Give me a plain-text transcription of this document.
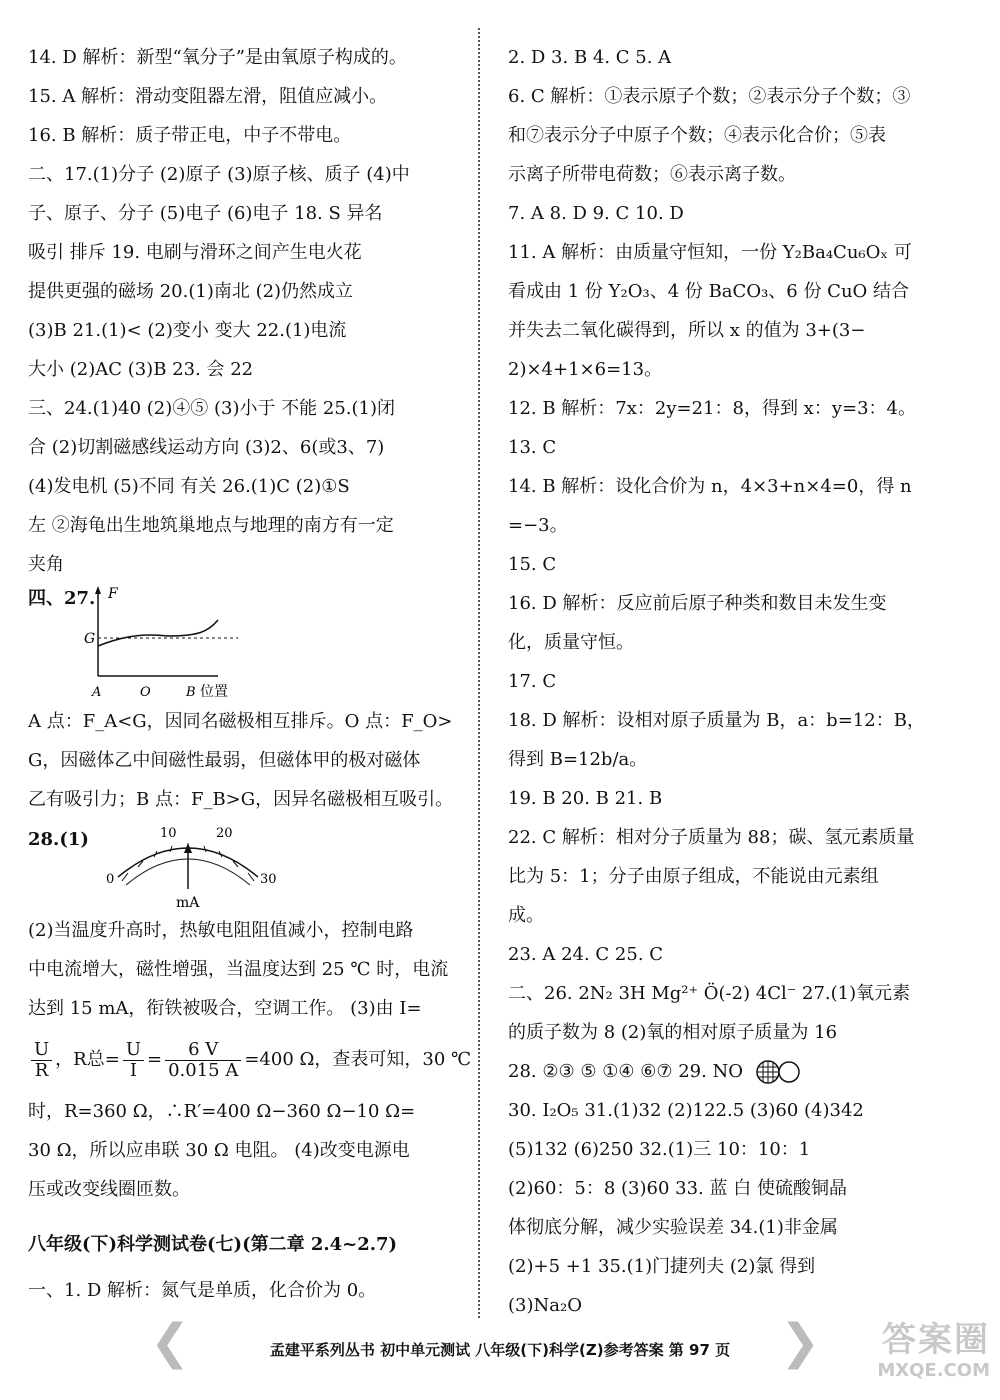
14. D 解析：新型“氧分子”是由氧原子构成的。
15. A 解析：滑动变阻器左滑，阻值应减小。
16. B 解析：质子带正电，中子不带电。
二、17.(1)分子 (2)原子 (3)原子核、质子 (4)中
子、原子、分子 (5)电子 (6)电子 18. S 异名
吸引 排斥 19. 电刷与滑环之间产生电火花
提供更强的磁场 20.(1)南北 (2)仍然成立
(3)B 21.(1)< (2)变小 变大 22.(1)电流
大小 (2)AC (3)B 23. 会 22
三、24.(1)40 (2)④⑤ (3)小于 不能 25.(1)闭
合 (2)切割磁感线运动方向 (3)2、6(或3、7)
(4)发电机 (5)不同 有关 26.(1)C (2)①S
左 ②海龟出生地筑巢地点与地理的南方有一定
夹角
四、27. F
G
A	O	B 位置
A 点：F_A<G，因同名磁极相互排斥。O 点：F_O>
G，因磁体乙中间磁性最弱，但磁体甲的极对磁体
乙有吸引力；B 点：F_B>G，因异名磁极相互吸引。
28.(1)
0
10	20
30
mA
(2)当温度升高时，热敏电阻阻值减小，控制电路
中电流增大，磁性增强，当温度达到 25 ℃ 时，电流
达到 15 mA，衔铁被吸合，空调工作。 (3)由 I=
$\frac{U}{R}$ ，R总= $\frac{U}{I} = \frac{6 V}{0.015 A} =400$ Ω，查表可知，30 ℃
时，R=360 Ω，∴R′=400 Ω−360 Ω−10 Ω=
30 Ω，所以应串联 30 Ω 电阻。 (4)改变电源电
压或改变线圈匝数。
八年级(下)科学测试卷(七)(第二章 2.4~2.7)
一、1. D 解析：氮气是单质，化合价为 0。
2. D 3. B 4. C 5. A
6. C 解析：①表示原子个数；②表示分子个数；③
和⑦表示分子中原子个数；④表示化合价；⑤表
示离子所带电荷数；⑥表示离子数。
7. A 8. D 9. C 10. D
11. A 解析：由质量守恒知，一份 Y₂Ba₄Cu₆Oₓ 可
看成由 1 份 Y₂O₃、4 份 BaCO₃、6 份 CuO 结合
并失去二氧化碳得到，所以 x 的值为 3+(3−
2)×4+1×6=13。
12. B 解析：7x：2y=21：8，得到 x：y=3：4。
13. C
14. B 解析：设化合价为 n，4×3+n×4=0，得 n
=−3。
15. C
16. D 解析：反应前后原子种类和数目未发生变
化，质量守恒。
17. C
18. D 解析：设相对原子质量为 B，a：b=12：B，
得到 B=12b/a。
19. B 20. B 21. B
22. C 解析：相对分子质量为 88；碳、氢元素质量
比为 5：1；分子由原子组成，不能说由元素组
成。
23. A 24. C 25. C
二、26. 2N₂ 3H Mg²⁺ Ö(-2) 4Cl⁻ 27.(1)氧元素
的质子数为 8 (2)氧的相对原子质量为 16
28. ②③ ⑤ ①④ ⑥⑦ 29. NO
30. I₂O₅ 31.(1)32 (2)122.5 (3)60 (4)342
(5)132 (6)250 32.(1)三 10：10：1
(2)60：5：8 (3)60 33. 蓝 白 使硫酸铜晶
体彻底分解，减少实验误差 34.(1)非金属
(2)+5 +1 35.(1)门捷列夫 (2)氯 得到
(3)Na₂O
❮	❯
孟建平系列丛书 初中单元测试 八年级(下)科学(Z)参考答案 第 97 页	答案圈
MXQE.COM
